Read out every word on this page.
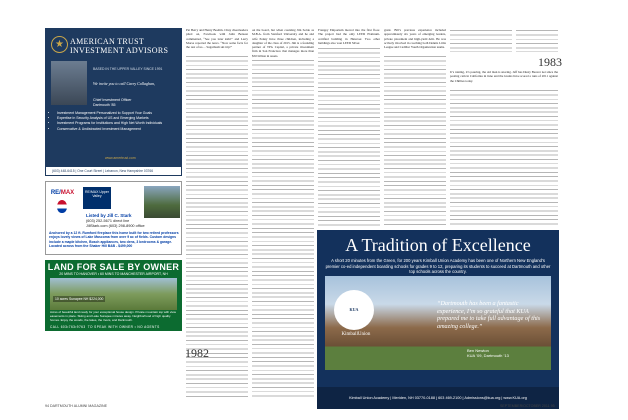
★ AMERICAN TRUST INVESTMENT ADVISORS
BASED IN THE UPPER VALLEY SINCE 1991
We invite you to call Carey Callaghan,
Chief Investment Officer
Dartmouth '85
• Investment Management Personalized to Support Your Goals
• Expertise in Security Analysis of US and Emerging Markets
• Investment Programs for Institutions and High Net Worth Individuals
• Conservative & Undistracted Investment Management
www.amertrust.com
(603) 448-6415 | One Court Street | Lebanon, New Hampshire 03766
RE/MAX	RE/MAX Upper Valley
Listed by Jill C. Stark
(603) 252-5671 direct line
JillStark.com (603) 298-8900 office
Anchored by a 12 ft. Rumford fireplace this home built for two retired professors enjoys lovely views of Lake Mascoma from over 9 ac of fields. Custom designs include a maple kitchen, Bosch appliances, two dens, 3 bedrooms & garage. Located across from the Shaker Hill B&B - $499,000
LAND FOR SALE BY OWNER
20 MINS TO HANOVER • 60 MINS TO MANCHESTER AIRPORT, NH
10 acres Sunapee NH $224,000
Acres of beautiful land ready for your exceptional house design. Private mountain top with view easements in place. Skiing and Lake Sunapee minutes away. Neighborhood of high quality homes. Enjoy the woods, the lakes, the rivers, and Dartmouth.
CALL 603•763•9763 TO SPEAK WITH OWNER • NO AGENTS

Pat Berry and Henry Boehm. Chuy cheerleaders piled on, Facebook with John Benson commented, “See you later kids!” and Larry Morse reported the news. “Now some facts for the rest of us… Sugarbush ski trip!”

1982

on the board, but when counting Jim Soldo as M.B.A. from Stanford University and he and wife Penny have three children, including a daughter of the class of 2015. Jim is a founding partner of TPG Capital, a private investment firm in San Francisco that manages more than $50 billion in assets.

Frangey Emporium moved into the first floor. The project had the only LEED Platinum-certified building in Hanover. Two other buildings also won LEED Silver.

grant. BD’s previous experience included approximately six years of emerging leaders, private placement and high-yield debt. He was actively involved in coaching both Dennis Little League and Cadillac Youth Organization teams.

1983

It’s raining, it’s pouring, the old man is snoring. Jeff has Dusty Beaver not since the posting cam in California in June and the Giants have scored a runs of 2011 against the Chillies today.

A Tradition of Excellence
A short 20 minutes from the Green, for 200 years Kimball Union Academy has been one of Northern New England’s premier co-ed independent boarding schools for grades 9 to 12, preparing its students to succeed at Dartmouth and other top schools across the country.
KUA
KimballUnion
“Dartmouth has been a fantastic experience, I’m so grateful that KUA prepared me to take full advantage of this amazing college.”
Ben Newton
KUA ’09, Dartmouth ’13
Kimball Union Academy | Meriden, NH 03770-0188 | 603 469-2100 | Admissions@kua.org | www.KUA.org
94 DARTMOUTH ALUMNI MAGAZINE	SEPTEMBER/OCTOBER 2011 95
